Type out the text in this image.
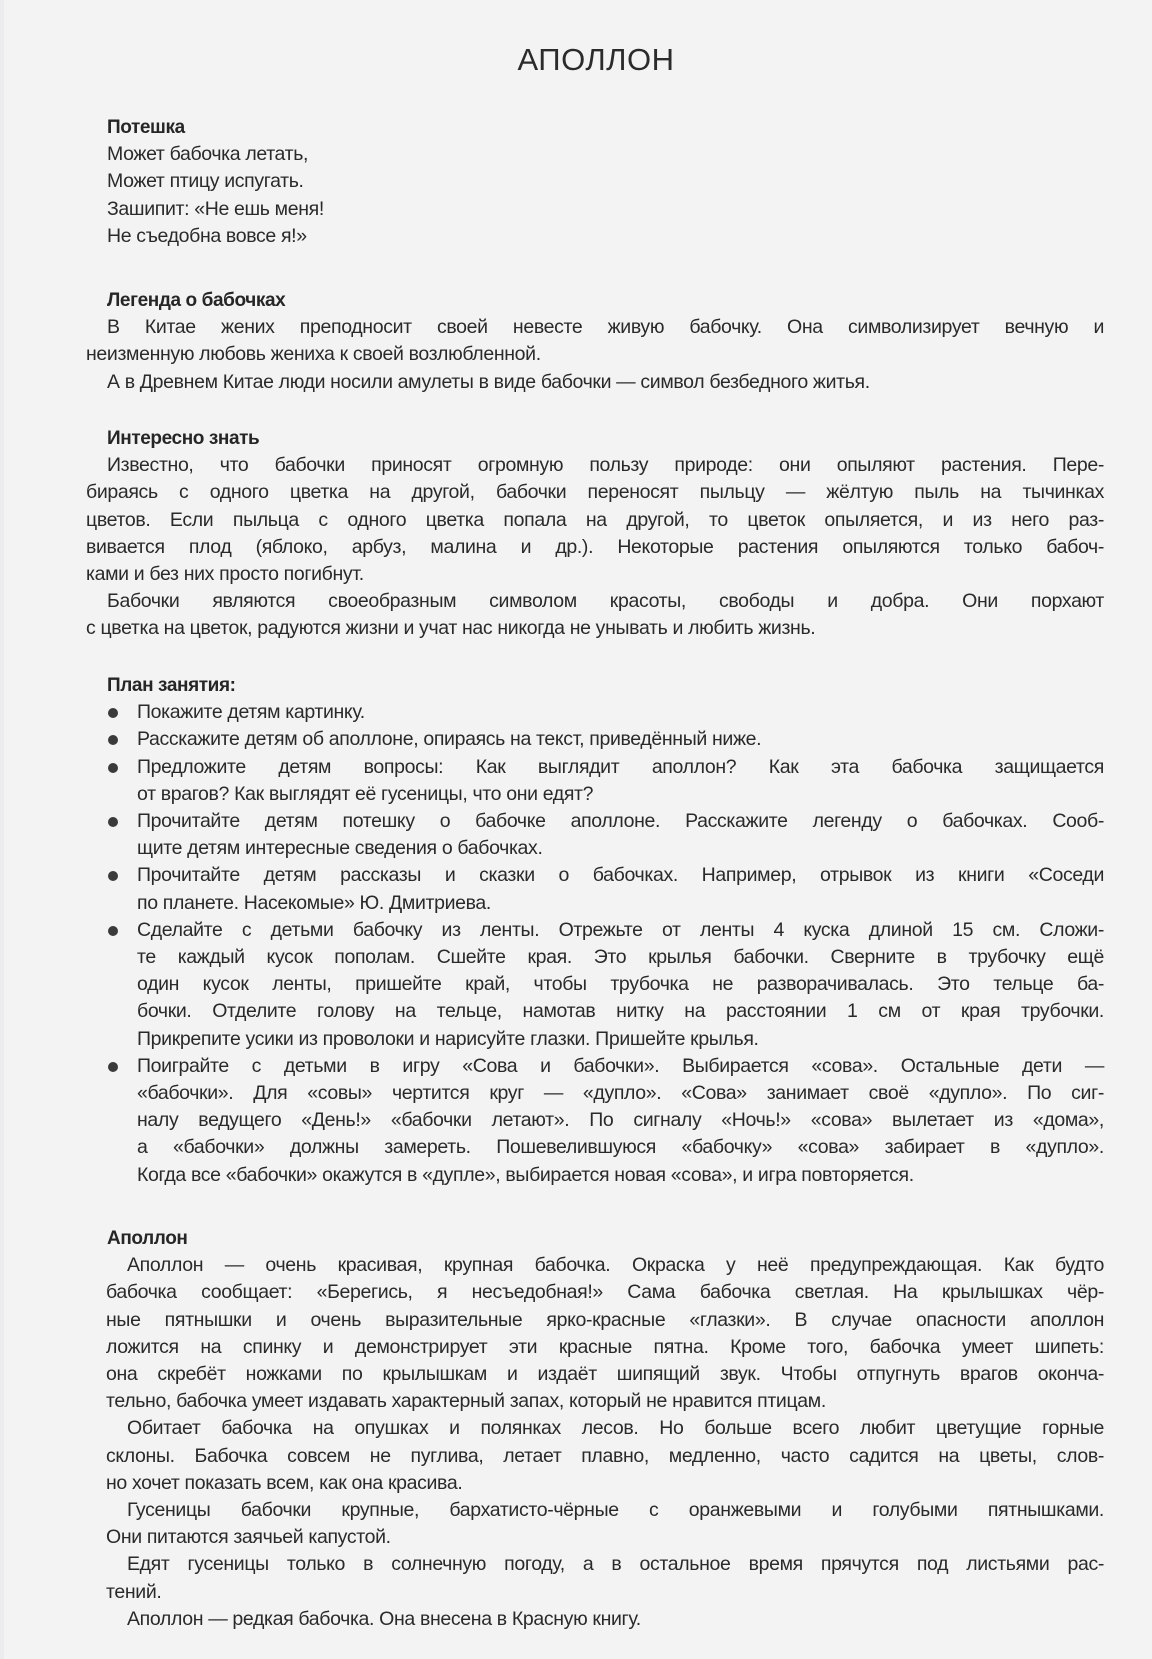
АПОЛЛОН
Потешка
Может бабочка летать,
Может птицу испугать.
Зашипит: «Не ешь меня!
Не съедобна вовсе я!»
Легенда о бабочках
В Китае жених преподносит своей невесте живую бабочку. Она символизирует вечную и
неизменную любовь жениха к своей возлюбленной.
А в Древнем Китае люди носили амулеты в виде бабочки — символ безбедного житья.
Интересно знать
Известно, что бабочки приносят огромную пользу природе: они опыляют растения. Пере-
бираясь с одного цветка на другой, бабочки переносят пыльцу — жёлтую пыль на тычинках
цветов. Если пыльца с одного цветка попала на другой, то цветок опыляется, и из него раз-
вивается плод (яблоко, арбуз, малина и др.). Некоторые растения опыляются только бабоч-
ками и без них просто погибнут.
Бабочки являются своеобразным символом красоты, свободы и добра. Они порхают
с цветка на цветок, радуются жизни и учат нас никогда не унывать и любить жизнь.
План занятия:
Покажите детям картинку.
Расскажите детям об аполлоне, опираясь на текст, приведённый ниже.
Предложите детям вопросы: Как выглядит аполлон? Как эта бабочка защищается
от врагов? Как выглядят её гусеницы, что они едят?
Прочитайте детям потешку о бабочке аполлоне. Расскажите легенду о бабочках. Сооб-
щите детям интересные сведения о бабочках.
Прочитайте детям рассказы и сказки о бабочках. Например, отрывок из книги «Соседи
по планете. Насекомые» Ю. Дмитриева.
Сделайте с детьми бабочку из ленты. Отрежьте от ленты 4 куска длиной 15 см. Сложи-
те каждый кусок пополам. Сшейте края. Это крылья бабочки. Сверните в трубочку ещё
один кусок ленты, пришейте край, чтобы трубочка не разворачивалась. Это тельце ба-
бочки. Отделите голову на тельце, намотав нитку на расстоянии 1 см от края трубочки.
Прикрепите усики из проволоки и нарисуйте глазки. Пришейте крылья.
Поиграйте с детьми в игру «Сова и бабочки». Выбирается «сова». Остальные дети —
«бабочки». Для «совы» чертится круг — «дупло». «Сова» занимает своё «дупло». По сиг-
налу ведущего «День!» «бабочки летают». По сигналу «Ночь!» «сова» вылетает из «дома»,
а «бабочки» должны замереть. Пошевелившуюся «бабочку» «сова» забирает в «дупло».
Когда все «бабочки» окажутся в «дупле», выбирается новая «сова», и игра повторяется.
Аполлон
Аполлон — очень красивая, крупная бабочка. Окраска у неё предупреждающая. Как будто
бабочка сообщает: «Берегись, я несъедобная!» Сама бабочка светлая. На крылышках чёр-
ные пятнышки и очень выразительные ярко-красные «глазки». В случае опасности аполлон
ложится на спинку и демонстрирует эти красные пятна. Кроме того, бабочка умеет шипеть:
она скребёт ножками по крылышкам и издаёт шипящий звук. Чтобы отпугнуть врагов оконча-
тельно, бабочка умеет издавать характерный запах, который не нравится птицам.
Обитает бабочка на опушках и полянках лесов. Но больше всего любит цветущие горные
склоны. Бабочка совсем не пуглива, летает плавно, медленно, часто садится на цветы, слов-
но хочет показать всем, как она красива.
Гусеницы бабочки крупные, бархатисто-чёрные с оранжевыми и голубыми пятнышками.
Они питаются заячьей капустой.
Едят гусеницы только в солнечную погоду, а в остальное время прячутся под листьями рас-
тений.
Аполлон — редкая бабочка. Она внесена в Красную книгу.
